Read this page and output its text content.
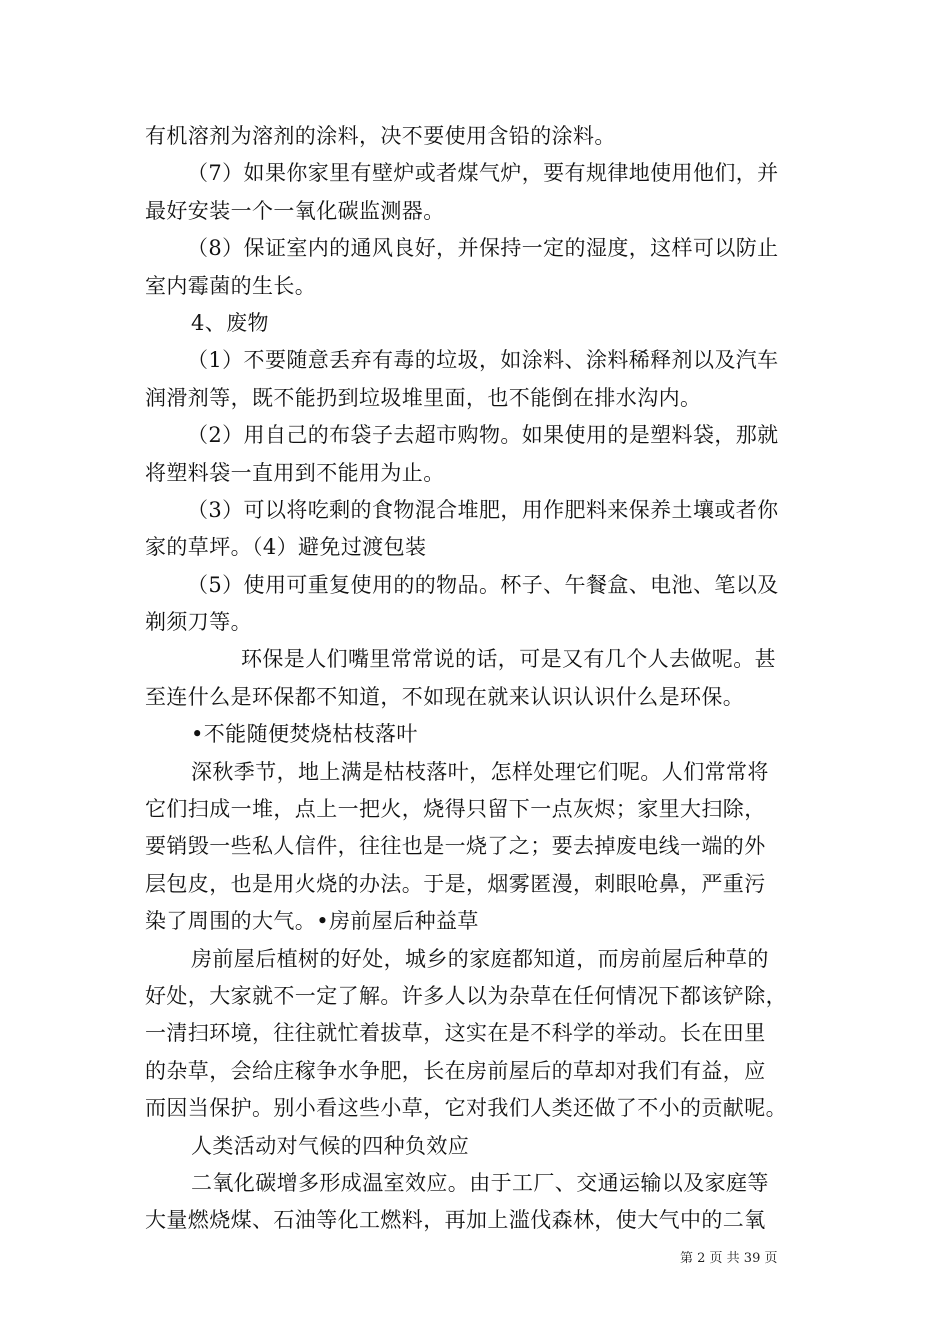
有机溶剂为溶剂的涂料，决不要使用含铅的涂料。
（7）如果你家里有壁炉或者煤气炉，要有规律地使用他们，并
最好安装一个一氧化碳监测器。
（8）保证室内的通风良好，并保持一定的湿度，这样可以防止
室内霉菌的生长。
4、废物
（1）不要随意丢弃有毒的垃圾，如涂料、涂料稀释剂以及汽车
润滑剂等，既不能扔到垃圾堆里面，也不能倒在排水沟内。
（2）用自己的布袋子去超市购物。如果使用的是塑料袋，那就
将塑料袋一直用到不能用为止。
（3）可以将吃剩的食物混合堆肥，用作肥料来保养土壤或者你
家的草坪。（4）避免过渡包装
（5）使用可重复使用的的物品。杯子、午餐盒、电池、笔以及
剃须刀等。
环保是人们嘴里常常说的话，可是又有几个人去做呢。甚
至连什么是环保都不知道，不如现在就来认识认识什么是环保。
•不能随便焚烧枯枝落叶
深秋季节，地上满是枯枝落叶，怎样处理它们呢。人们常常将
它们扫成一堆，点上一把火，烧得只留下一点灰烬；家里大扫除，
要销毁一些私人信件，往往也是一烧了之；要去掉废电线一端的外
层包皮，也是用火烧的办法。于是，烟雾匿漫，刺眼呛鼻，严重污
染了周围的大气。•房前屋后种益草
房前屋后植树的好处，城乡的家庭都知道，而房前屋后种草的
好处，大家就不一定了解。许多人以为杂草在任何情况下都该铲除，
一清扫环境，往往就忙着拔草，这实在是不科学的举动。长在田里
的杂草，会给庄稼争水争肥，长在房前屋后的草却对我们有益，应
而因当保护。别小看这些小草，它对我们人类还做了不小的贡献呢。
人类活动对气候的四种负效应
二氧化碳增多形成温室效应。由于工厂、交通运输以及家庭等
大量燃烧煤、石油等化工燃料，再加上滥伐森林，使大气中的二氧
第 2 页 共 39 页
